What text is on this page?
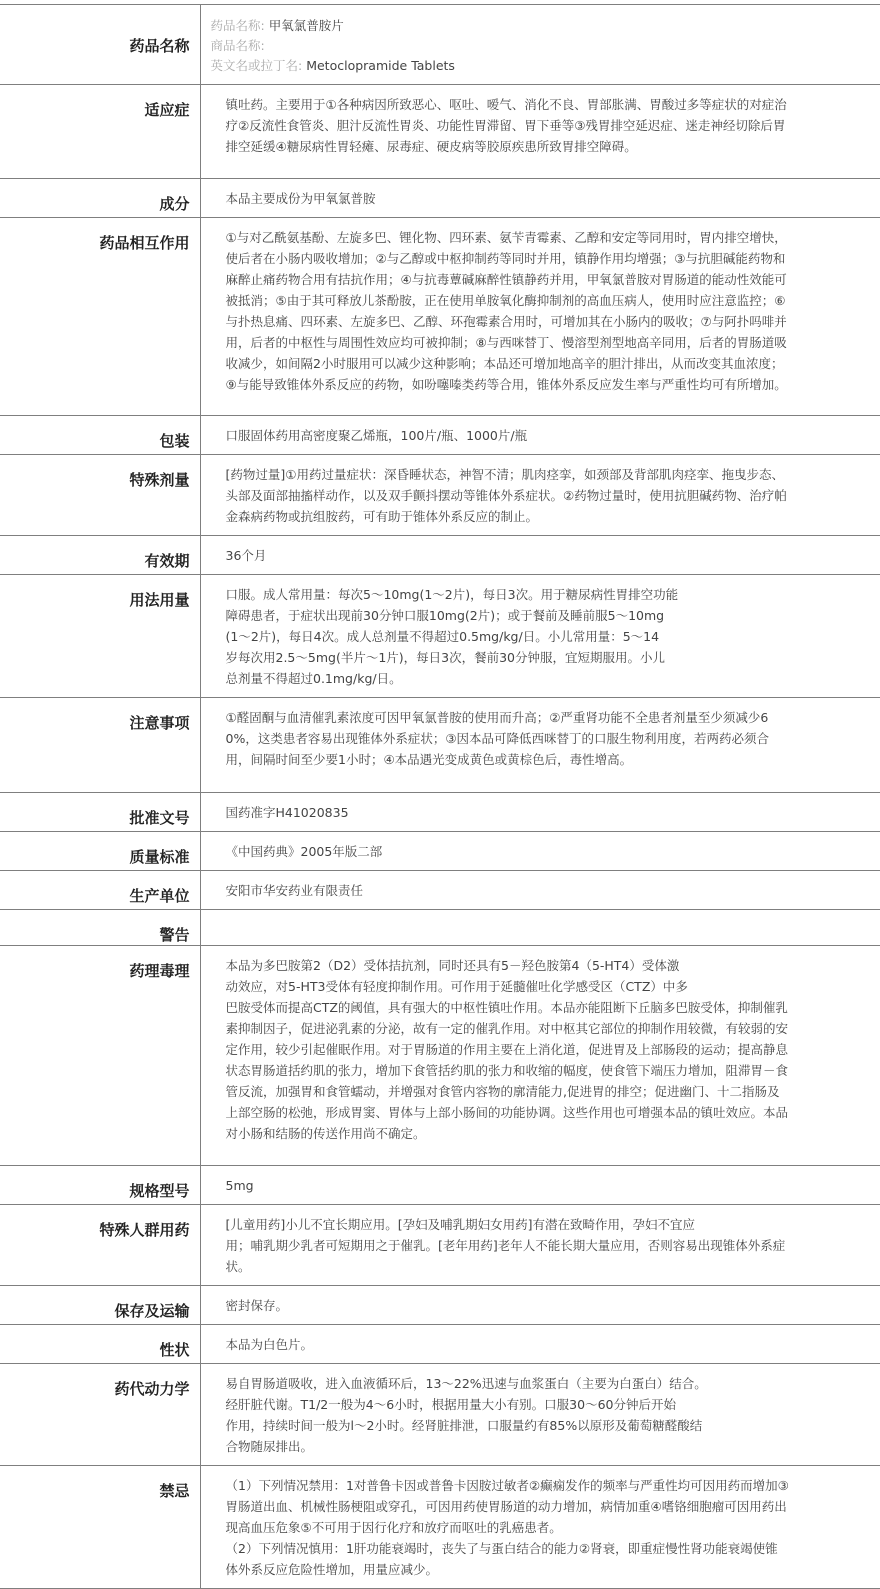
药品名称	药品名称: 甲氧氯普胺片
商品名称:
英文名或拉丁名: Metoclopramide Tablets

适应症	镇吐药。主要用于①各种病因所致恶心、呕吐、嗳气、消化不良、胃部胀满、胃酸过多等症状的对症治疗②反流性食管炎、胆汁反流性胃炎、功能性胃滞留、胃下垂等③残胃排空延迟症、迷走神经切除后胃排空延缓④糖尿病性胃轻瘫、尿毒症、硬皮病等胶原疾患所致胃排空障碍。
成分	本品主要成份为甲氧氯普胺
药品相互作用	①与对乙酰氨基酚、左旋多巴、锂化物、四环素、氨苄青霉素、乙醇和安定等同用时，胃内排空增快，使后者在小肠内吸收增加；②与乙醇或中枢抑制药等同时并用，镇静作用均增强；③与抗胆碱能药物和麻醉止痛药物合用有拮抗作用；④与抗毒蕈碱麻醉性镇静药并用，甲氧氯普胺对胃肠道的能动性效能可被抵消；⑤由于其可释放儿茶酚胺，正在使用单胺氧化酶抑制剂的高血压病人，使用时应注意监控；⑥与扑热息痛、四环素、左旋多巴、乙醇、环孢霉素合用时，可增加其在小肠内的吸收；⑦与阿扑吗啡并用，后者的中枢性与周围性效应均可被抑制；⑧与西咪替丁、慢溶型剂型地高辛同用，后者的胃肠道吸收减少，如间隔2小时服用可以减少这种影响；本品还可增加地高辛的胆汁排出，从而改变其血浓度；⑨与能导致锥体外系反应的药物，如吩噻嗪类药等合用，锥体外系反应发生率与严重性均可有所增加。
包装	口服固体药用高密度聚乙烯瓶，100片/瓶、1000片/瓶
特殊剂量	[药物过量]①用药过量症状：深昏睡状态，神智不清；肌肉痉挛，如颈部及背部肌肉痉挛、拖曳步态、头部及面部抽搐样动作，以及双手颤抖摆动等锥体外系症状。②药物过量时，使用抗胆碱药物、治疗帕金森病药物或抗组胺药，可有助于锥体外系反应的制止。
有效期	36个月
用法用量	口服。成人常用量：每次5～10mg(1～2片)，每日3次。用于糖尿病性胃排空功能
障碍患者，于症状出现前30分钟口服10mg(2片)；或于餐前及睡前服5～10mg
(1～2片)，每日4次。成人总剂量不得超过0.5mg/kg/日。小儿常用量：5～14
岁每次用2.5～5mg(半片～1片)，每日3次，餐前30分钟服，宜短期服用。小儿
总剂量不得超过0.1mg/kg/日。

注意事项	①醛固酮与血清催乳素浓度可因甲氧氯普胺的使用而升高；②严重肾功能不全患者剂量至少须减少60%，这类患者容易出现锥体外系症状；③因本品可降低西咪替丁的口服生物利用度，若两药必须合用，间隔时间至少要1小时；④本品遇光变成黄色或黄棕色后，毒性增高。
批准文号	国药准字H41020835
质量标准	《中国药典》2005年版二部
生产单位	安阳市华安药业有限责任
警告	
药理毒理	本品为多巴胺第2（D2）受体拮抗剂，同时还具有5－羟色胺第4（5-HT4）受体激
动效应，对5-HT3受体有轻度抑制作用。可作用于延髓催吐化学感受区（CTZ）中多
巴胺受体而提高CTZ的阈值，具有强大的中枢性镇吐作用。本品亦能阻断下丘脑多巴胺受体，抑制催乳素抑制因子，促进泌乳素的分泌，故有一定的催乳作用。对中枢其它部位的抑制作用较微，有较弱的安定作用，较少引起催眠作用。对于胃肠道的作用主要在上消化道，促进胃及上部肠段的运动；提高静息状态胃肠道括约肌的张力，增加下食管括约肌的张力和收缩的幅度，使食管下端压力增加，阻滞胃－食管反流，加强胃和食管蠕动，并增强对食管内容物的廓清能力,促进胃的排空；促进幽门、十二指肠及上部空肠的松弛，形成胃窦、胃体与上部小肠间的功能协调。这些作用也可增强本品的镇吐效应。本品对小肠和结肠的传送作用尚不确定。

规格型号	5mg
特殊人群用药	[儿童用药]小儿不宜长期应用。[孕妇及哺乳期妇女用药]有潜在致畸作用，孕妇不宜应
用；哺乳期少乳者可短期用之于催乳。[老年用药]老年人不能长期大量应用，否则容易出现锥体外系症状。

保存及运输	密封保存。
性状	本品为白色片。
药代动力学	易自胃肠道吸收，进入血液循环后，13～22%迅速与血浆蛋白（主要为白蛋白）结合。
经肝脏代谢。T1/2一般为4～6小时，根据用量大小有别。口服30～60分钟后开始
作用，持续时间一般为l～2小时。经肾脏排泄，口服量约有85%以原形及葡萄糖醛酸结
合物随尿排出。

禁忌	（1）下列情况禁用：1对普鲁卡因或普鲁卡因胺过敏者②癫痫发作的频率与严重性均可因用药而增加③胃肠道出血、机械性肠梗阻或穿孔，可因用药使胃肠道的动力增加，病情加重④嗜铬细胞瘤可因用药出现高血压危象⑤不可用于因行化疗和放疗而呕吐的乳癌患者。
（2）下列情况慎用：1肝功能衰竭时，丧失了与蛋白结合的能力②肾衰，即重症慢性肾功能衰竭使锥体外系反应危险性增加，用量应减少。
